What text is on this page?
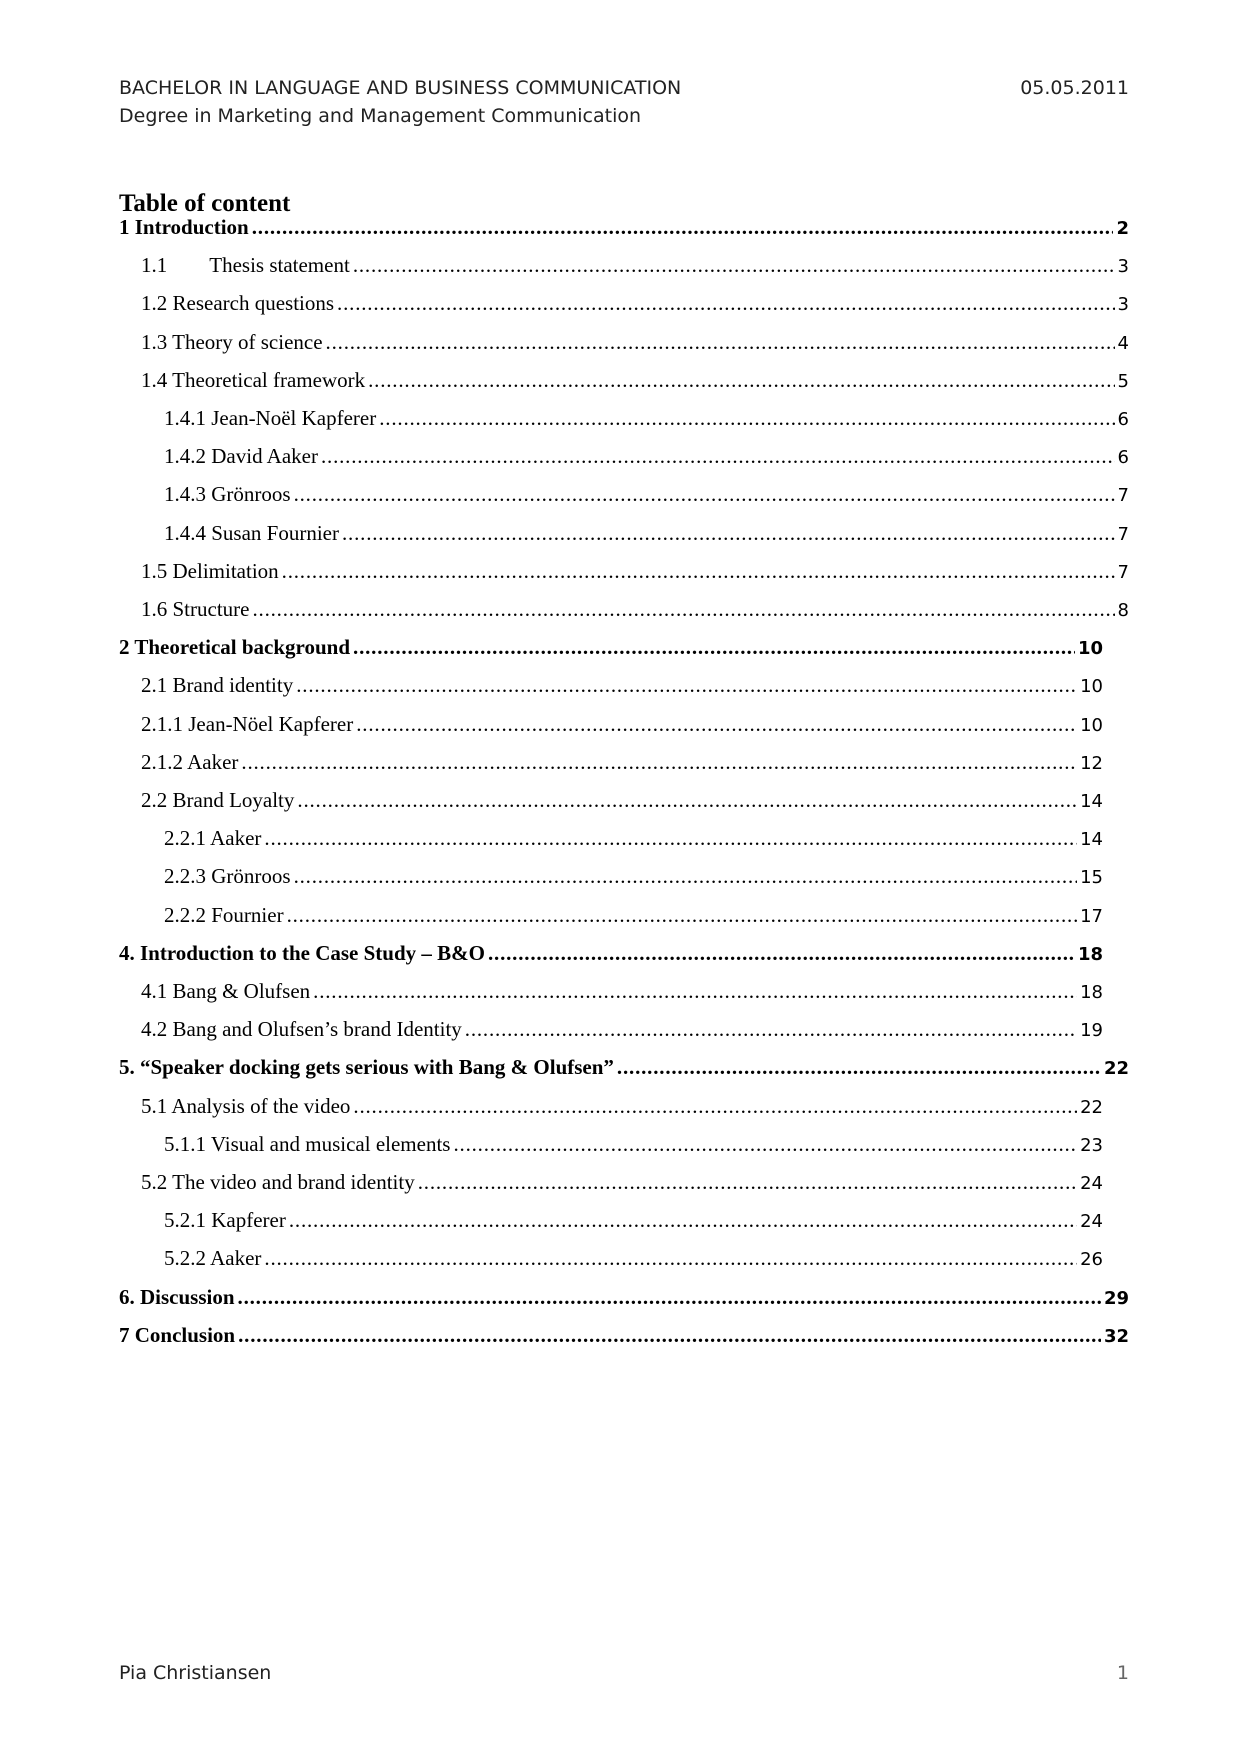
BACHELOR IN LANGUAGE AND BUSINESS COMMUNICATION	05.05.2011
Degree in Marketing and Management Communication
Table of content
1 Introduction .....	2
1.1 Thesis statement .....	3
1.2 Research questions .....	3
1.3 Theory of science .....	4
1.4 Theoretical framework .....	5
1.4.1 Jean-Noël Kapferer .....	6
1.4.2 David Aaker .....	6
1.4.3 Grönroos .....	7
1.4.4 Susan Fournier .....	7
1.5 Delimitation .....	7
1.6 Structure .....	8
2 Theoretical background .....	10
2.1 Brand identity .....	10
2.1.1 Jean-Nöel Kapferer .....	10
2.1.2 Aaker .....	12
2.2 Brand Loyalty .....	14
2.2.1 Aaker .....	14
2.2.3 Grönroos .....	15
2.2.2 Fournier .....	17
4. Introduction to the Case Study – B&O .....	18
4.1 Bang & Olufsen .....	18
4.2 Bang and Olufsen’s brand Identity .....	19
5. “Speaker docking gets serious with Bang & Olufsen” .....	22
5.1 Analysis of the video .....	22
5.1.1 Visual and musical elements .....	23
5.2 The video and brand identity .....	24
5.2.1 Kapferer .....	24
5.2.2 Aaker .....	26
6. Discussion .....	29
7 Conclusion .....	32
Pia Christiansen	1
